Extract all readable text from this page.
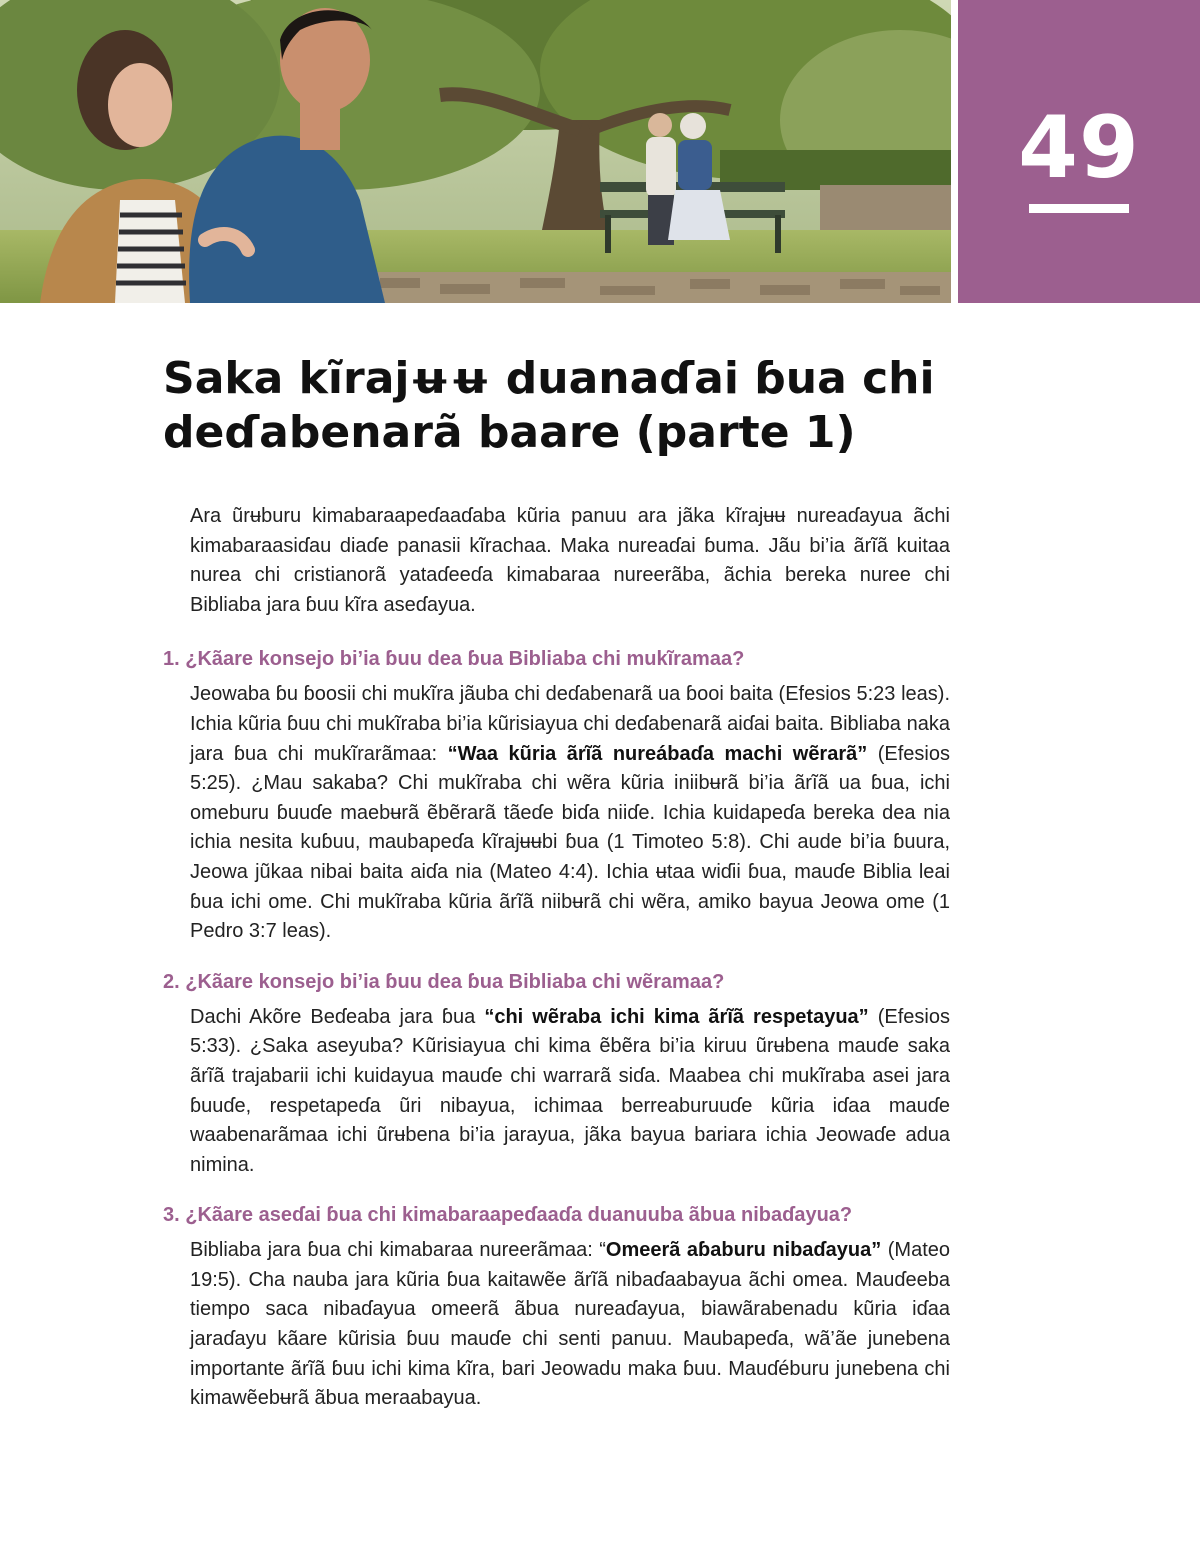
49
Saka kĩrajʉʉ duanaɗai ɓua chi deɗabenarã baare (parte 1)

Ara ũrʉburu kimabaraapeɗaaɗaba kũria panuu ara jãka kĩrajʉʉ nureaɗayua ãchi kimabaraasiɗau diaɗe panasii kĩrachaa. Maka nureaɗai ɓuma. Jãu bi’ia ãrĩã kuitaa nurea chi cristianorã yataɗeeɗa kimabaraa nureerãba, ãchia bereka nuree chi Bibliaba jara ɓuu kĩra aseɗayua.

1. ¿Kãare konsejo bi’ia ɓuu dea ɓua Bibliaba chi mukĩramaa?

Jeowaba ɓu ɓoosii chi mukĩra jãuba chi deɗabenarã ua ɓooi baita (Efesios 5:23 leas). Ichia kũria ɓuu chi mukĩraba bi’ia kũrisiayua chi deɗabenarã aiɗai baita. Bibliaba naka jara ɓua chi mukĩrarãmaa: “Waa kũria ãrĩã nureábaɗa machi wẽrarã” (Efesios 5:25). ¿Mau sakaba? Chi mukĩraba chi wẽra kũria iniibʉrã bi’ia ãrĩã ua ɓua, ichi omeburu ɓuuɗe maebʉrã ẽbẽrarã tãeɗe biɗa niiɗe. Ichia kuidapeɗa bereka dea nia ichia nesita kuɓuu, maubapeɗa kĩrajʉʉbi ɓua (1 Timoteo 5:8). Chi aude bi’ia ɓuura, Jeowa jũkaa nibai baita aiɗa nia (Mateo 4:4). Ichia ʉtaa wiɗii ɓua, mauɗe Biblia leai ɓua ichi ome. Chi mukĩraba kũria ãrĩã niibʉrã chi wẽra, amiko bayua Jeowa ome (1 Pedro 3:7 leas).

2. ¿Kãare konsejo bi’ia ɓuu dea ɓua Bibliaba chi wẽramaa?

Dachi Akõre Beɗeaba jara ɓua “chi wẽraba ichi kima ãrĩã respetayua” (Efesios 5:33). ¿Saka aseyuba? Kũrisiayua chi kima ẽbẽra bi’ia kiruu ũrʉbena mauɗe saka ãrĩã trajabarii ichi kuidayua mauɗe chi warrarã siɗa. Maabea chi mukĩraba asei jara ɓuuɗe, respetapeɗa ũri nibayua, ichimaa berreaburuuɗe kũria iɗaa mauɗe waabenarãmaa ichi ũrʉbena bi’ia jarayua, jãka bayua bariara ichia Jeowaɗe adua nimina.

3. ¿Kãare aseɗai ɓua chi kimabaraapeɗaaɗa duanuuba ãbua nibaɗayua?

Bibliaba jara ɓua chi kimabaraa nureerãmaa: “Omeerã aɓaburu nibaɗayua” (Mateo 19:5). Cha nauba jara kũria ɓua kaitawẽe ãrĩã nibaɗaabayua ãchi omea. Mauɗeeba tiempo saca nibaɗayua omeerã ãbua nureaɗayua, biawãrabenadu kũria iɗaa jaraɗayu kãare kũrisia ɓuu mauɗe chi senti panuu. Maubapeɗa, wã’ãe junebena importante ãrĩã ɓuu ichi kima kĩra, bari Jeowadu maka ɓuu. Mauɗéburu junebena chi kimawẽebʉrã ãbua meraabayua.
